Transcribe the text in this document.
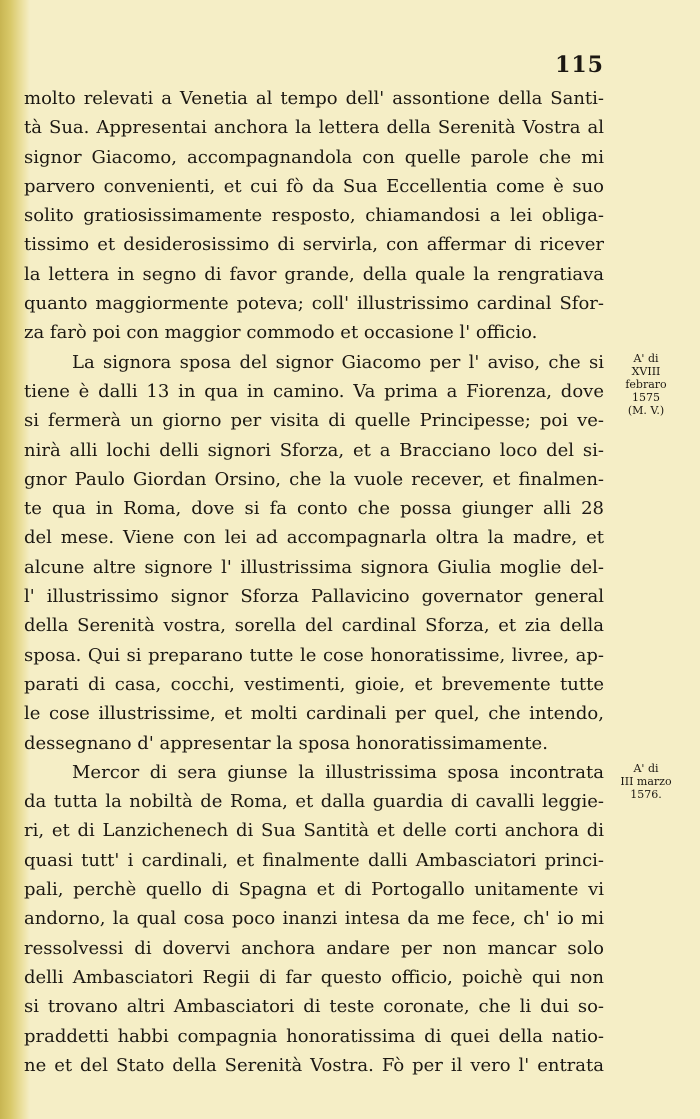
115
molto relevati a Venetia al tempo dell' assontione della Santi-
tà Sua. Appresentai anchora la lettera della Serenità Vostra al
signor Giacomo, accompagnandola con quelle parole che mi
parvero convenienti, et cui fò da Sua Eccellentia come è suo
solito gratiosissimamente resposto, chiamandosi a lei obliga-
tissimo et desiderosissimo di servirla, con affermar di ricever
la lettera in segno di favor grande, della quale la rengratiava
quanto maggiormente poteva; coll' illustrissimo cardinal Sfor-
za farò poi con maggior commodo et occasione l' officio.
La signora sposa del signor Giacomo per l' aviso, che si
tiene è dalli 13 in qua in camino. Va prima a Fiorenza, dove
si fermerà un giorno per visita di quelle Principesse; poi ve-
nirà alli lochi delli signori Sforza, et a Bracciano loco del si-
gnor Paulo Giordan Orsino, che la vuole recever, et finalmen-
te qua in Roma, dove si fa conto che possa giunger alli 28
del mese. Viene con lei ad accompagnarla oltra la madre, et
alcune altre signore l' illustrissima signora Giulia moglie del-
l' illustrissimo signor Sforza Pallavicino governator general
della Serenità vostra, sorella del cardinal Sforza, et zia della
sposa. Qui si preparano tutte le cose honoratissime, livree, ap-
parati di casa, cocchi, vestimenti, gioie, et brevemente tutte
le cose illustrissime, et molti cardinali per quel, che intendo,
dessegnano d' appresentar la sposa honoratissimamente.
Mercor di sera giunse la illustrissima sposa incontrata
da tutta la nobiltà de Roma, et dalla guardia di cavalli leggie-
ri, et di Lanzichenech di Sua Santità et delle corti anchora di
quasi tutt' i cardinali, et finalmente dalli Ambasciatori princi-
pali, perchè quello di Spagna et di Portogallo unitamente vi
andorno, la qual cosa poco inanzi intesa da me fece, ch' io mi
ressolvessi di dovervi anchora andare per non mancar solo
delli Ambasciatori Regii di far questo officio, poichè qui non
si trovano altri Ambasciatori di teste coronate, che li dui so-
praddetti habbi compagnia honoratissima di quei della natio-
ne et del Stato della Serenità Vostra. Fò per il vero l' entrata
A' di
XVIII
febraro
1575
(M. V.)
A' di
III marzo
1576.
